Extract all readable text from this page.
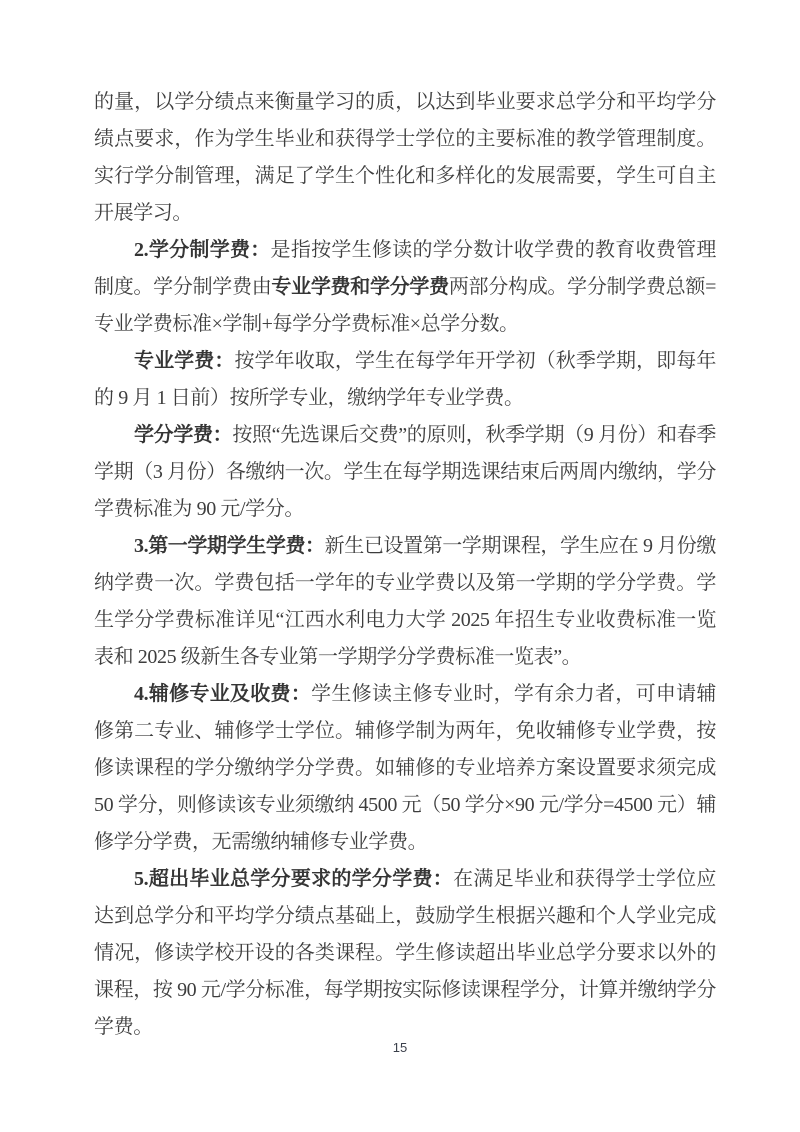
的量，以学分绩点来衡量学习的质，以达到毕业要求总学分和平均学分绩点要求，作为学生毕业和获得学士学位的主要标准的教学管理制度。实行学分制管理，满足了学生个性化和多样化的发展需要，学生可自主开展学习。

2.学分制学费：是指按学生修读的学分数计收学费的教育收费管理制度。学分制学费由专业学费和学分学费两部分构成。学分制学费总额=专业学费标准×学制+每学分学费标准×总学分数。

专业学费：按学年收取，学生在每学年开学初（秋季学期，即每年的 9 月 1 日前）按所学专业，缴纳学年专业学费。

学分学费：按照“先选课后交费”的原则，秋季学期（9 月份）和春季学期（3 月份）各缴纳一次。学生在每学期选课结束后两周内缴纳，学分学费标准为 90 元/学分。

3.第一学期学生学费：新生已设置第一学期课程，学生应在 9 月份缴纳学费一次。学费包括一学年的专业学费以及第一学期的学分学费。学生学分学费标准详见“江西水利电力大学 2025 年招生专业收费标准一览表和 2025 级新生各专业第一学期学分学费标准一览表”。

4.辅修专业及收费：学生修读主修专业时，学有余力者，可申请辅修第二专业、辅修学士学位。辅修学制为两年，免收辅修专业学费，按修读课程的学分缴纳学分学费。如辅修的专业培养方案设置要求须完成 50 学分，则修读该专业须缴纳 4500 元（50 学分×90 元/学分=4500 元）辅修学分学费，无需缴纳辅修专业学费。

5.超出毕业总学分要求的学分学费：在满足毕业和获得学士学位应达到总学分和平均学分绩点基础上，鼓励学生根据兴趣和个人学业完成情况，修读学校开设的各类课程。学生修读超出毕业总学分要求以外的课程，按 90 元/学分标准，每学期按实际修读课程学分，计算并缴纳学分学费。

15
